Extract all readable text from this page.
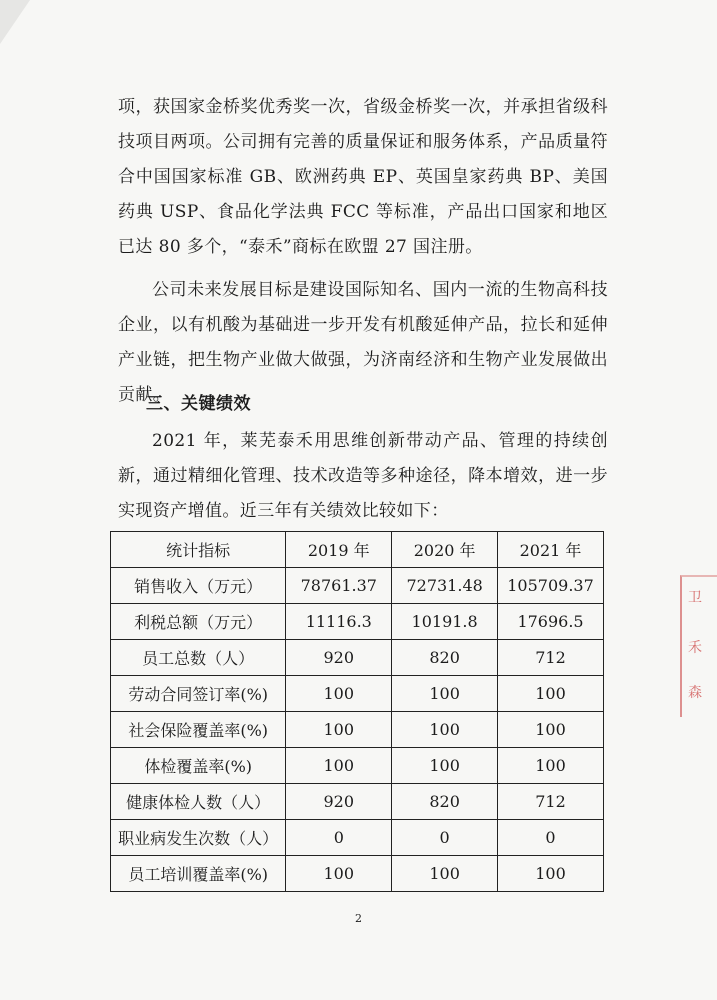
项，获国家金桥奖优秀奖一次，省级金桥奖一次，并承担省级科技项目两项。公司拥有完善的质量保证和服务体系，产品质量符合中国国家标准 GB、欧洲药典 EP、英国皇家药典 BP、美国药典 USP、食品化学法典 FCC 等标准，产品出口国家和地区已达 80 多个，“泰禾”商标在欧盟 27 国注册。

公司未来发展目标是建设国际知名、国内一流的生物高科技企业，以有机酸为基础进一步开发有机酸延伸产品，拉长和延伸产业链，把生物产业做大做强，为济南经济和生物产业发展做出贡献。

三、关键绩效

2021 年，莱芜泰禾用思维创新带动产品、管理的持续创新，通过精细化管理、技术改造等多种途径，降本增效，进一步实现资产增值。近三年有关绩效比较如下：

统计指标	2019 年	2020 年	2021 年
销售收入（万元）	78761.37	72731.48	105709.37
利税总额（万元）	11116.3	10191.8	17696.5
员工总数（人）	920	820	712
劳动合同签订率(%)	100	100	100
社会保险覆盖率(%)	100	100	100
体检覆盖率(%)	100	100	100
健康体检人数（人）	920	820	712
职业病发生次数（人）	0	0	0
员工培训覆盖率(%)	100	100	100
卫
禾
森
2
